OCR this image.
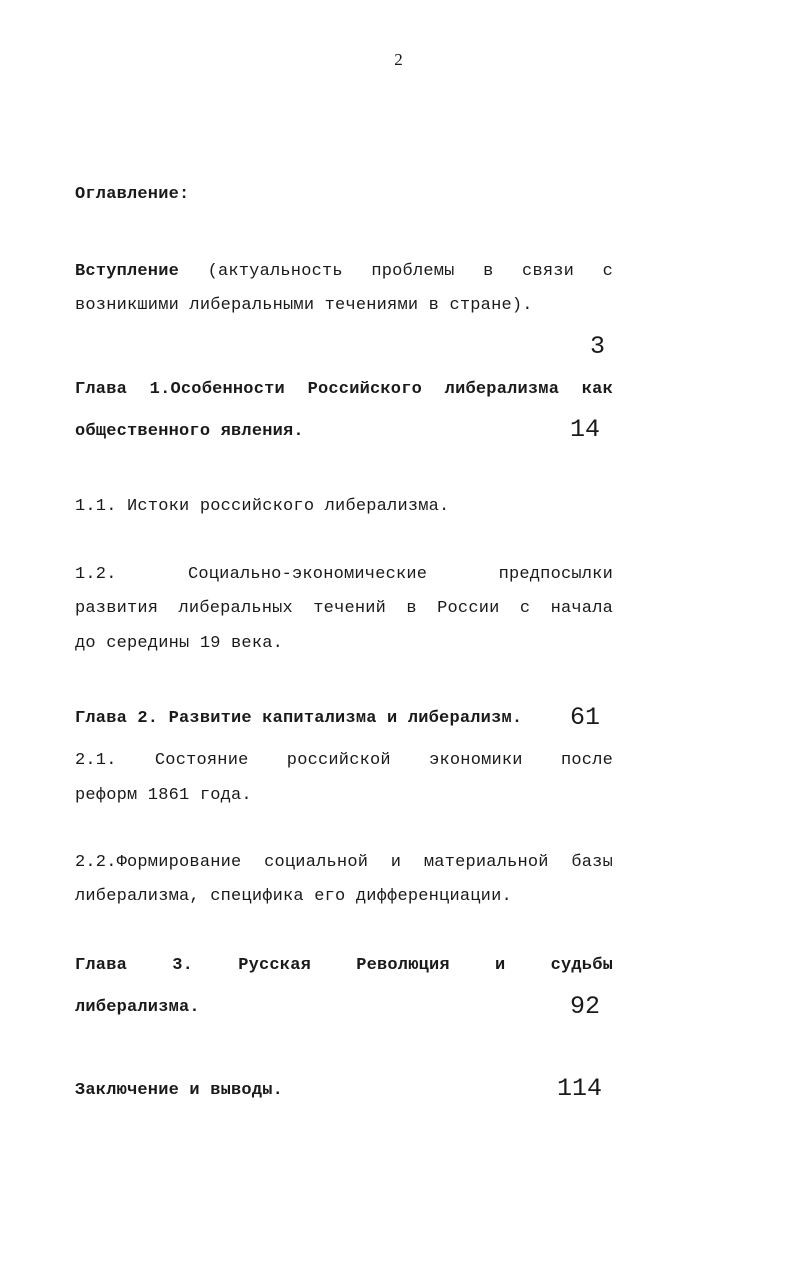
2
Оглавление:
Вступление (актуальность проблемы в связи с
возникшими либеральными течениями в стране).
3
Глава 1.Особенности Российского либерализма как
общественного явления.	14
1.1. Истоки российского либерализма.
1.2. Социально-экономические предпосылки
развития либеральных течений в России с начала
до середины 19 века.
Глава 2. Развитие капитализма и либерализм. 61
2.1. Состояние российской экономики после
реформ 1861 года.
2.2.Формирование социальной и материальной базы
либерализма, специфика его дифференциации.
Глава 3. Русская Революция и судьбы
либерализма.	92
Заключение и выводы.	114
